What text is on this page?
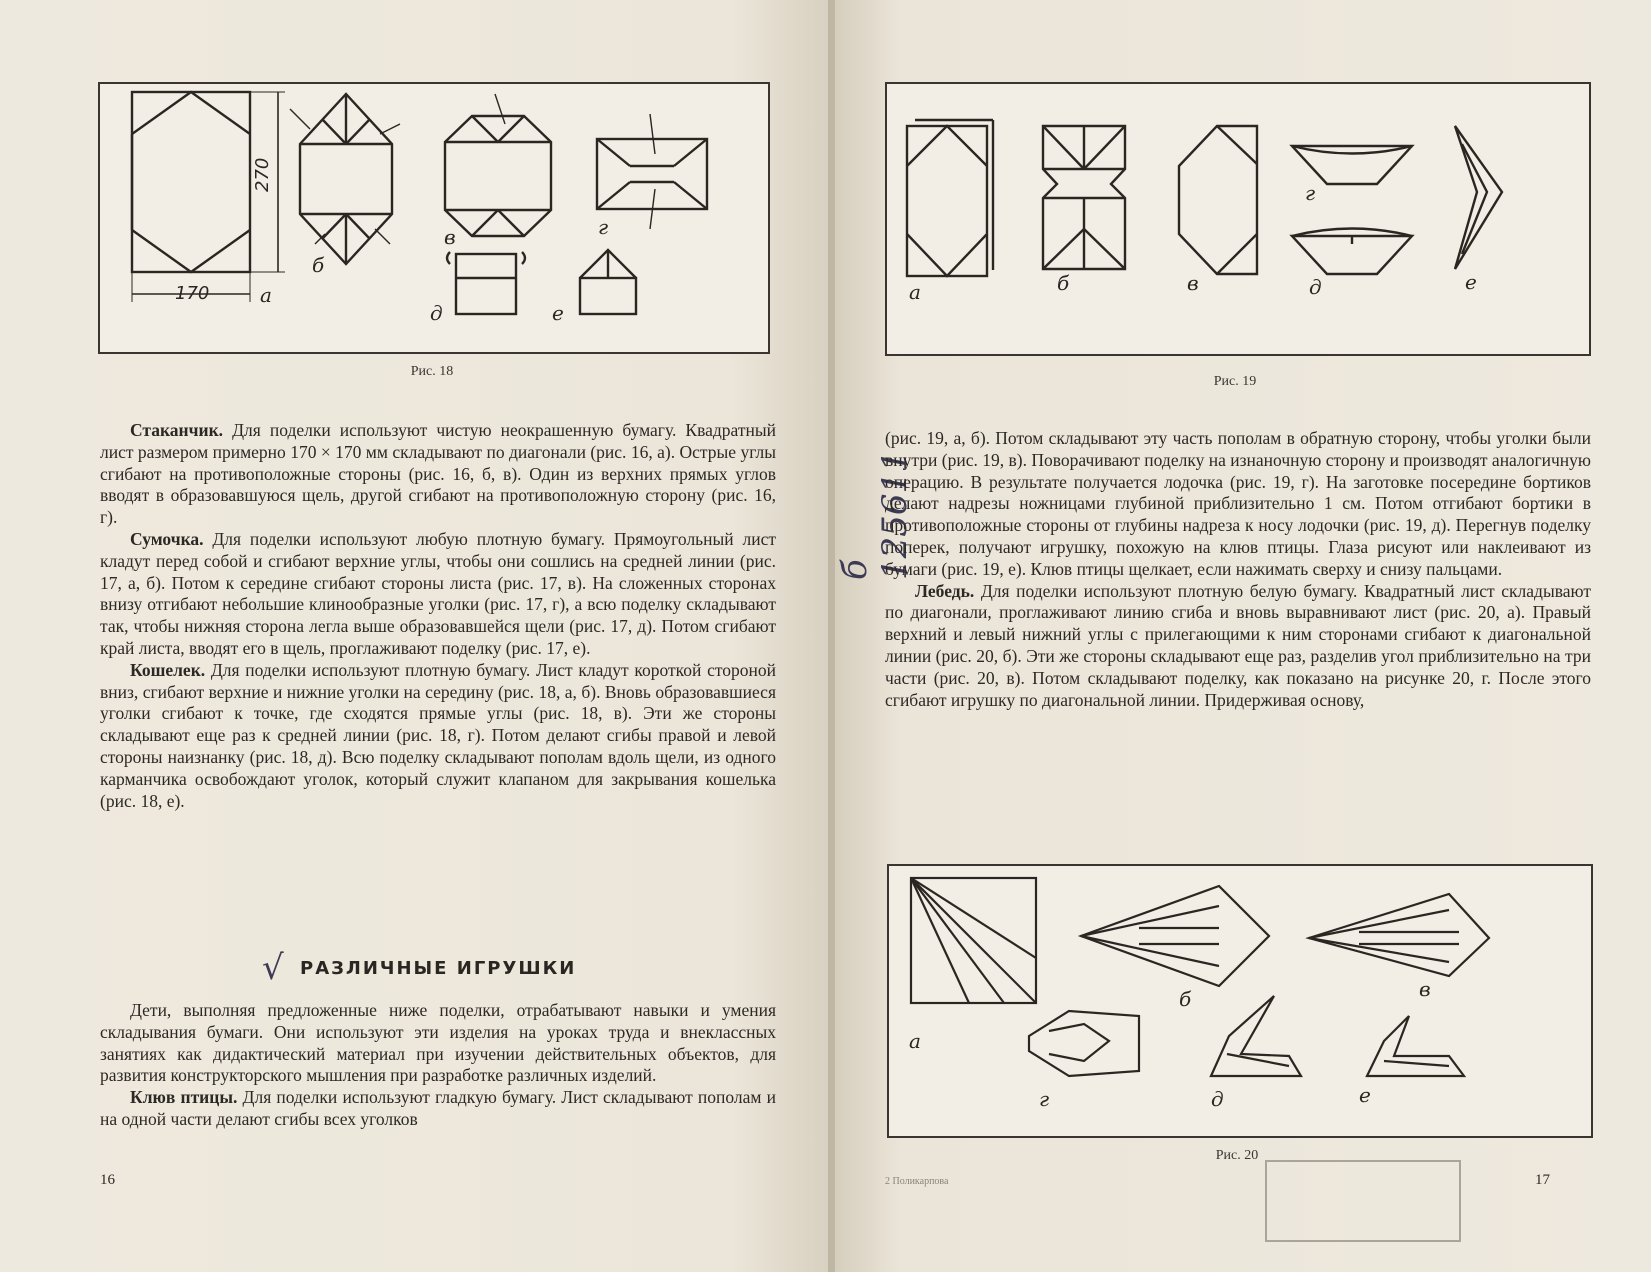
270
170	а
б
в	г
д	е
Рис. 18

Стаканчик. Для поделки используют чистую неокрашенную бумагу. Квадратный лист размером примерно 170 × 170 мм складывают по диагонали (рис. 16, а). Острые углы сгибают на противоположные стороны (рис. 16, б, в). Один из верхних прямых углов вводят в образовавшуюся щель, другой сгибают на противоположную сторону (рис. 16, г).

Сумочка. Для поделки используют любую плотную бумагу. Прямоугольный лист кладут перед собой и сгибают верхние углы, чтобы они сошлись на средней линии (рис. 17, а, б). Потом к середине сгибают стороны листа (рис. 17, в). На сложенных сторонах внизу отгибают небольшие клинообразные уголки (рис. 17, г), а всю поделку складывают так, чтобы нижняя сторона легла выше образовавшейся щели (рис. 17, д). Потом сгибают край листа, вводят его в щель, проглаживают поделку (рис. 17, е).

Кошелек. Для поделки используют плотную бумагу. Лист кладут короткой стороной вниз, сгибают верхние и нижние уголки на середину (рис. 18, а, б). Вновь образовавшиеся уголки сгибают к точке, где сходятся прямые углы (рис. 18, в). Эти же стороны складывают еще раз к средней линии (рис. 18, г). Потом делают сгибы правой и левой стороны наизнанку (рис. 18, д). Всю поделку складывают пополам вдоль щели, из одного карманчика освобождают уголок, который служит клапаном для закрывания кошелька (рис. 18, е).

РАЗЛИЧНЫЕ ИГРУШКИ
√

Дети, выполняя предложенные ниже поделки, отрабатывают навыки и умения складывания бумаги. Они используют эти изделия на уроках труда и внеклассных занятиях как дидактический материал при изучении действительных объектов, для развития конструкторского мышления при разработке различных изделий.

Клюв птицы. Для поделки используют гладкую бумагу. Лист складывают пополам и на одной части делают сгибы всех уголков

16
а	б	в
г
д	е
Рис. 19
б 125611

(рис. 19, а, б). Потом складывают эту часть пополам в обратную сторону, чтобы уголки были внутри (рис. 19, в). Поворачивают поделку на изнаночную сторону и производят аналогичную операцию. В результате получается лодочка (рис. 19, г). На заготовке посередине бортиков делают надрезы ножницами глубиной приблизительно 1 см. Потом отгибают бортики в противоположные стороны от глубины надреза к носу лодочки (рис. 19, д). Перегнув поделку поперек, получают игрушку, похожую на клюв птицы. Глаза рисуют или наклеивают из бумаги (рис. 19, е). Клюв птицы щелкает, если нажимать сверху и снизу пальцами.

Лебедь. Для поделки используют плотную белую бумагу. Квадратный лист складывают по диагонали, проглаживают линию сгиба и вновь выравнивают лист (рис. 20, а). Правый верхний и левый нижний углы с прилегающими к ним сторонами сгибают к диагональной линии (рис. 20, б). Эти же стороны складывают еще раз, разделив угол приблизительно на три части (рис. 20, в). Потом складывают поделку, как показано на рисунке 20, г. После этого сгибают игрушку по диагональной линии. Придерживая основу,

а
б	в
г	д	е
Рис. 20
2 Поликарпова	17
